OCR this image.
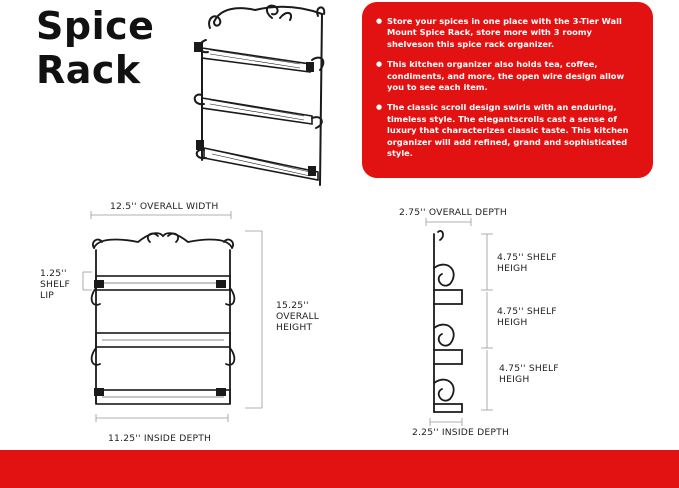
Spice
Rack
● Store your spices in one place with the 3-Tier Wall Mount Spice Rack, store more with 3 roomy shelveson this spice rack organizer.
● This kitchen organizer also holds tea, coffee, condiments, and more, the open wire design allow you to see each item.
● The classic scroll design swirls with an enduring, timeless style. The elegantscrolls cast a sense of luxury that characterizes classic taste. This kitchen organizer will add refined, grand and sophisticated style.
12.5'' OVERALL WIDTH
1.25''
SHELF
LIP
15.25''
OVERALL
HEIGHT
11.25'' INSIDE DEPTH
2.75'' OVERALL DEPTH
4.75'' SHELF
HEIGH
4.75'' SHELF
HEIGH
4.75'' SHELF
HEIGH
2.25'' INSIDE DEPTH
